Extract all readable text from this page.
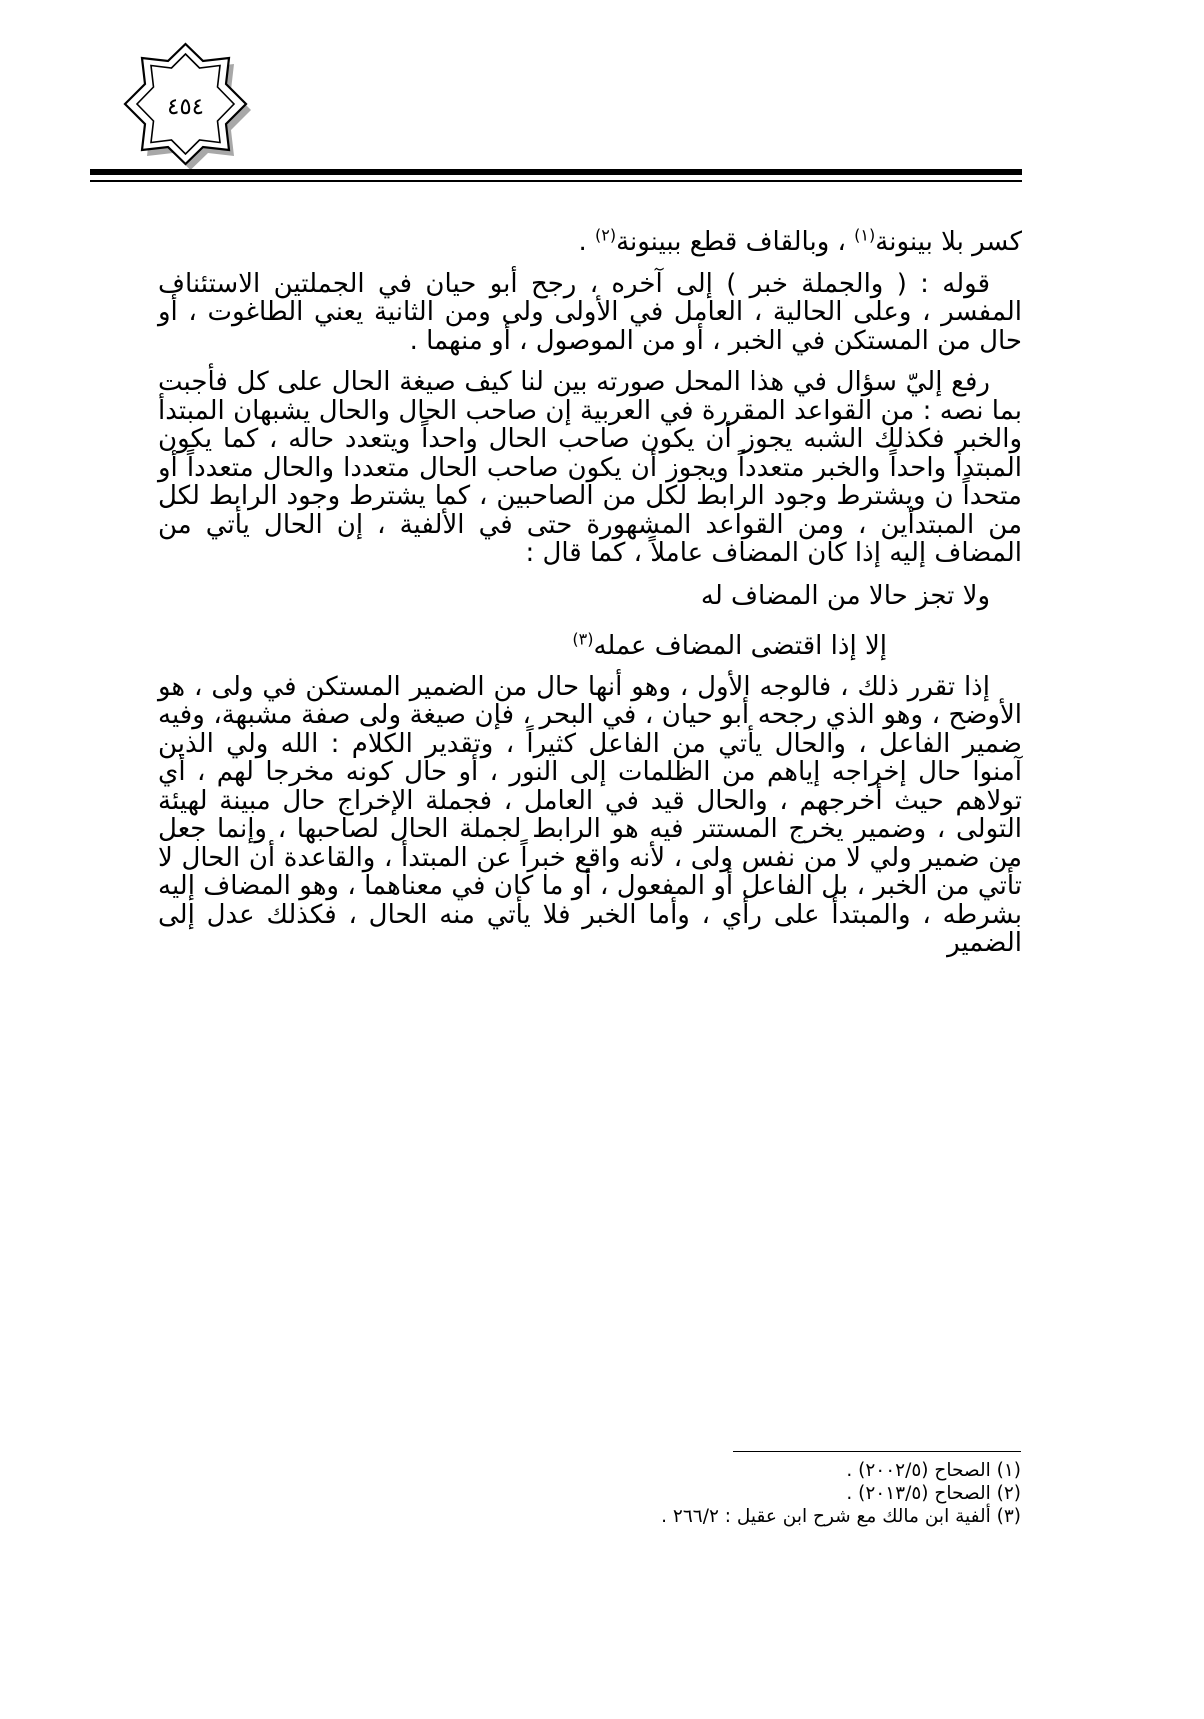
٤٥٤

كسر بلا بينونة$^{(١)}$ ، وبالقاف قطع ببينونة$^{(٢)}$ .

قوله : ( والجملة خبر ) إلى آخره ، رجح أبو حيان في الجملتين الاستئناف المفسر ، وعلى الحالية ، العامل في الأولى ولى ومن الثانية يعني الطاغوت ، أو حال من المستكن في الخبر ، أو من الموصول ، أو منهما .

رفع إليّ سؤال في هذا المحل صورته بين لنا كيف صيغة الحال على كل فأجبت بما نصه : من القواعد المقررة في العربية إن صاحب الحال والحال يشبهان المبتدأ والخبر فكذلك الشبه يجوز أن يكون صاحب الحال واحداً ويتعدد حاله ، كما يكون المبتدأ واحداً والخبر متعدداً ويجوز أن يكون صاحب الحال متعددا والحال متعدداً أو متحداً ن ويشترط وجود الرابط لكل من الصاحبين ، كما يشترط وجود الرابط لكل من المبتدأين ، ومن القواعد المشهورة حتى في الألفية ، إن الحال يأتي من المضاف إليه إذا كان المضاف عاملاً ، كما قال :

ولا تجز حالا من المضاف له

إلا إذا اقتضى المضاف عمله$^{(٣)}$

إذا تقرر ذلك ، فالوجه الأول ، وهو أنها حال من الضمير المستكن في ولى ، هو الأوضح ، وهو الذي رجحه أبو حيان ، في البحر ، فإن صيغة ولى صفة مشبهة، وفيه ضمير الفاعل ، والحال يأتي من الفاعل كثيراً ، وتقدير الكلام : الله ولي الذين آمنوا حال إخراجه إياهم من الظلمات إلى النور ، أو حال كونه مخرجا لهم ، أي تولاهم حيث أخرجهم ، والحال قيد في العامل ، فجملة الإخراج حال مبينة لهيئة التولى ، وضمير يخرج المستتر فيه هو الرابط لجملة الحال لصاحبها ، وإنما جعل من ضمير ولي لا من نفس ولى ، لأنه واقع خبراً عن المبتدأ ، والقاعدة أن الحال لا تأتي من الخبر ، بل الفاعل أو المفعول ، أو ما كان في معناهما ، وهو المضاف إليه بشرطه ، والمبتدأ على رأي ، وأما الخبر فلا يأتي منه الحال ، فكذلك عدل إلى الضمير

(١) الصحاح (٢٠٠٢/٥) .

(٢) الصحاح (٢٠١٣/٥) .

(٣) ألفية ابن مالك مع شرح ابن عقيل : ٢٦٦/٢ .
